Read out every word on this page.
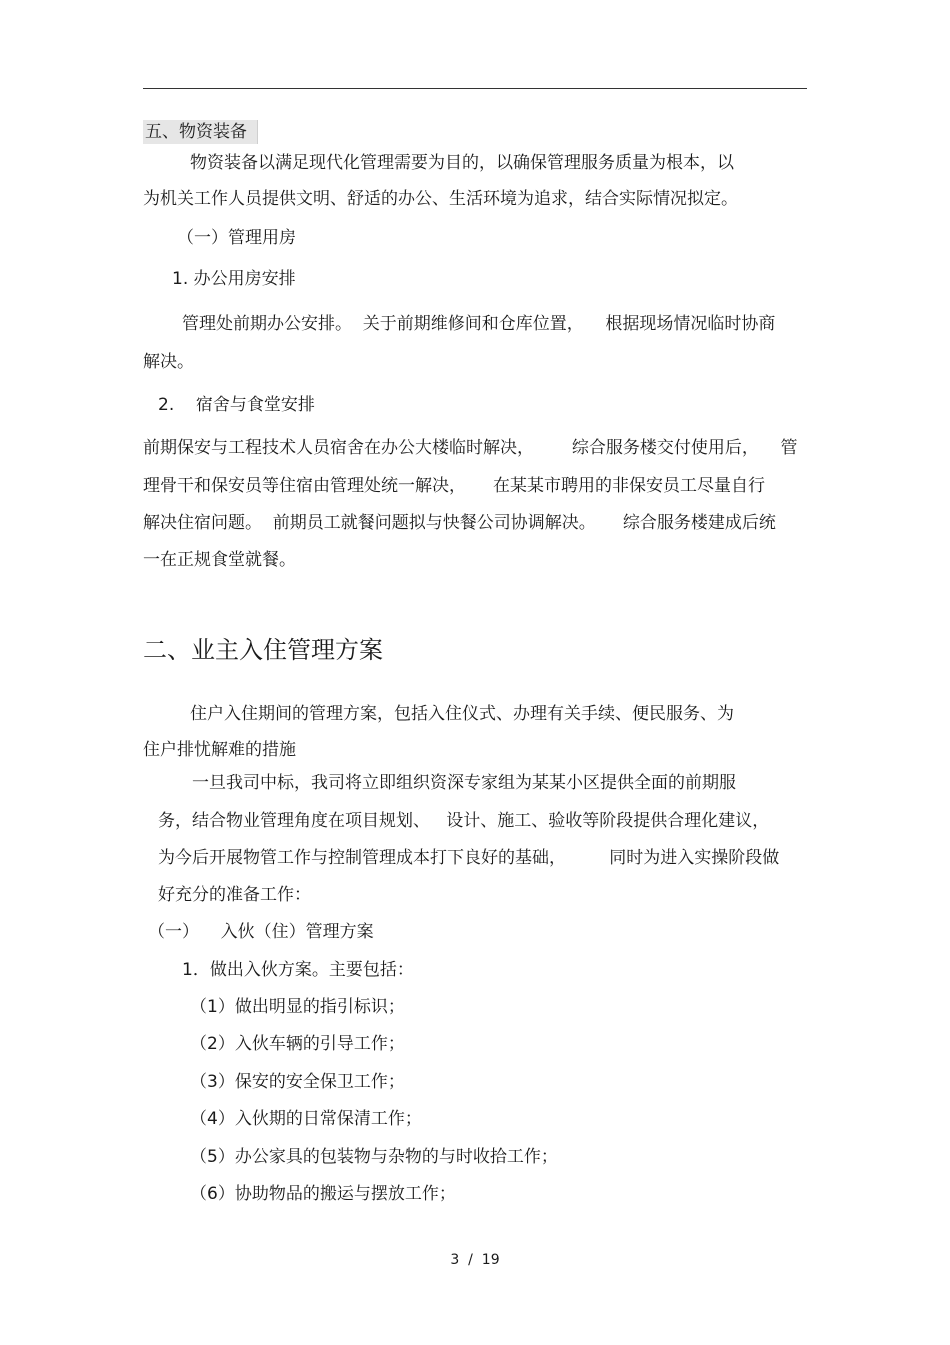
五、物资装备

物资装备以满足现代化管理需要为目的，以确保管理服务质量为根本，以

为机关工作人员提供文明、舒适的办公、生活环境为追求，结合实际情况拟定。

（一）管理用房

1. 办公用房安排

管理处前期办公安排。  关于前期维修间和仓库位置，    根据现场情况临时协商

解决。

2.    宿舍与食堂安排

前期保安与工程技术人员宿舍在办公大楼临时解决，       综合服务楼交付使用后，    管

理骨干和保安员等住宿由管理处统一解决，     在某某市聘用的非保安员工尽量自行

解决住宿问题。  前期员工就餐问题拟与快餐公司协调解决。     综合服务楼建成后统

一在正规食堂就餐。

二、业主入住管理方案

住户入住期间的管理方案，包括入住仪式、办理有关手续、便民服务、为

住户排忧解难的措施

一旦我司中标，我司将立即组织资深专家组为某某小区提供全面的前期服

务，结合物业管理角度在项目规划、   设计、施工、验收等阶段提供合理化建议，

为今后开展物管工作与控制管理成本打下良好的基础，        同时为进入实操阶段做

好充分的准备工作：

（一）    入伙（住）管理方案

1．做出入伙方案。主要包括：

（1）做出明显的指引标识；

（2）入伙车辆的引导工作；

（3）保安的安全保卫工作；

（4）入伙期的日常保清工作；

（5）办公家具的包装物与杂物的与时收拾工作；

（6）协助物品的搬运与摆放工作；

3  /  19
